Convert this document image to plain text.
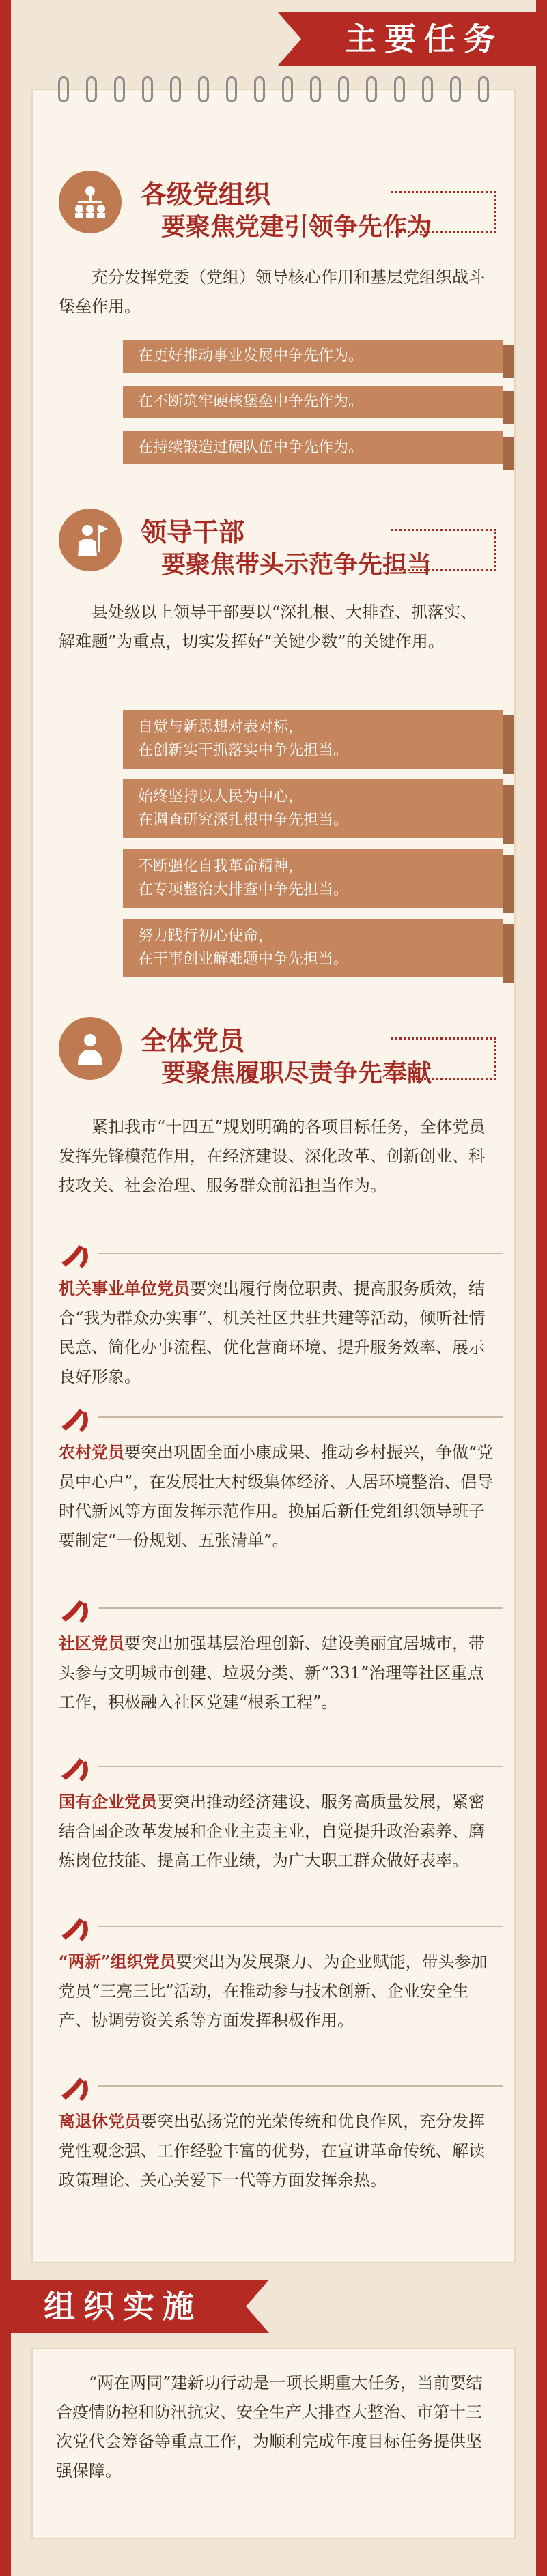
主要任务
各级党组织
要聚焦党建引领争先作为
充分发挥党委（党组）领导核心作用和基层党组织战斗堡垒作用。
在更好推动事业发展中争先作为。
在不断筑牢硬核堡垒中争先作为。
在持续锻造过硬队伍中争先作为。
领导干部
要聚焦带头示范争先担当
县处级以上领导干部要以“深扎根、大排查、抓落实、解难题”为重点，切实发挥好“关键少数”的关键作用。
自觉与新思想对表对标，
在创新实干抓落实中争先担当。
始终坚持以人民为中心，
在调查研究深扎根中争先担当。
不断强化自我革命精神，
在专项整治大排查中争先担当。
努力践行初心使命，
在干事创业解难题中争先担当。
全体党员
要聚焦履职尽责争先奉献
紧扣我市“十四五”规划明确的各项目标任务，全体党员发挥先锋模范作用，在经济建设、深化改革、创新创业、科技攻关、社会治理、服务群众前沿担当作为。
机关事业单位党员要突出履行岗位职责、提高服务质效，结合“我为群众办实事”、机关社区共驻共建等活动，倾听社情民意、简化办事流程、优化营商环境、提升服务效率、展示良好形象。
农村党员要突出巩固全面小康成果、推动乡村振兴，争做“党员中心户”，在发展壮大村级集体经济、人居环境整治、倡导时代新风等方面发挥示范作用。换届后新任党组织领导班子要制定“一份规划、五张清单”。
社区党员要突出加强基层治理创新、建设美丽宜居城市，带头参与文明城市创建、垃圾分类、新“331”治理等社区重点工作，积极融入社区党建“根系工程”。
国有企业党员要突出推动经济建设、服务高质量发展，紧密结合国企改革发展和企业主责主业，自觉提升政治素养、磨炼岗位技能、提高工作业绩，为广大职工群众做好表率。
“两新”组织党员要突出为发展聚力、为企业赋能，带头参加党员“三亮三比”活动，在推动参与技术创新、企业安全生产、协调劳资关系等方面发挥积极作用。
离退休党员要突出弘扬党的光荣传统和优良作风，充分发挥党性观念强、工作经验丰富的优势，在宣讲革命传统、解读政策理论、关心关爱下一代等方面发挥余热。
组织实施
“两在两同”建新功行动是一项长期重大任务，当前要结合疫情防控和防汛抗灾、安全生产大排查大整治、市第十三次党代会筹备等重点工作，为顺利完成年度目标任务提供坚强保障。
